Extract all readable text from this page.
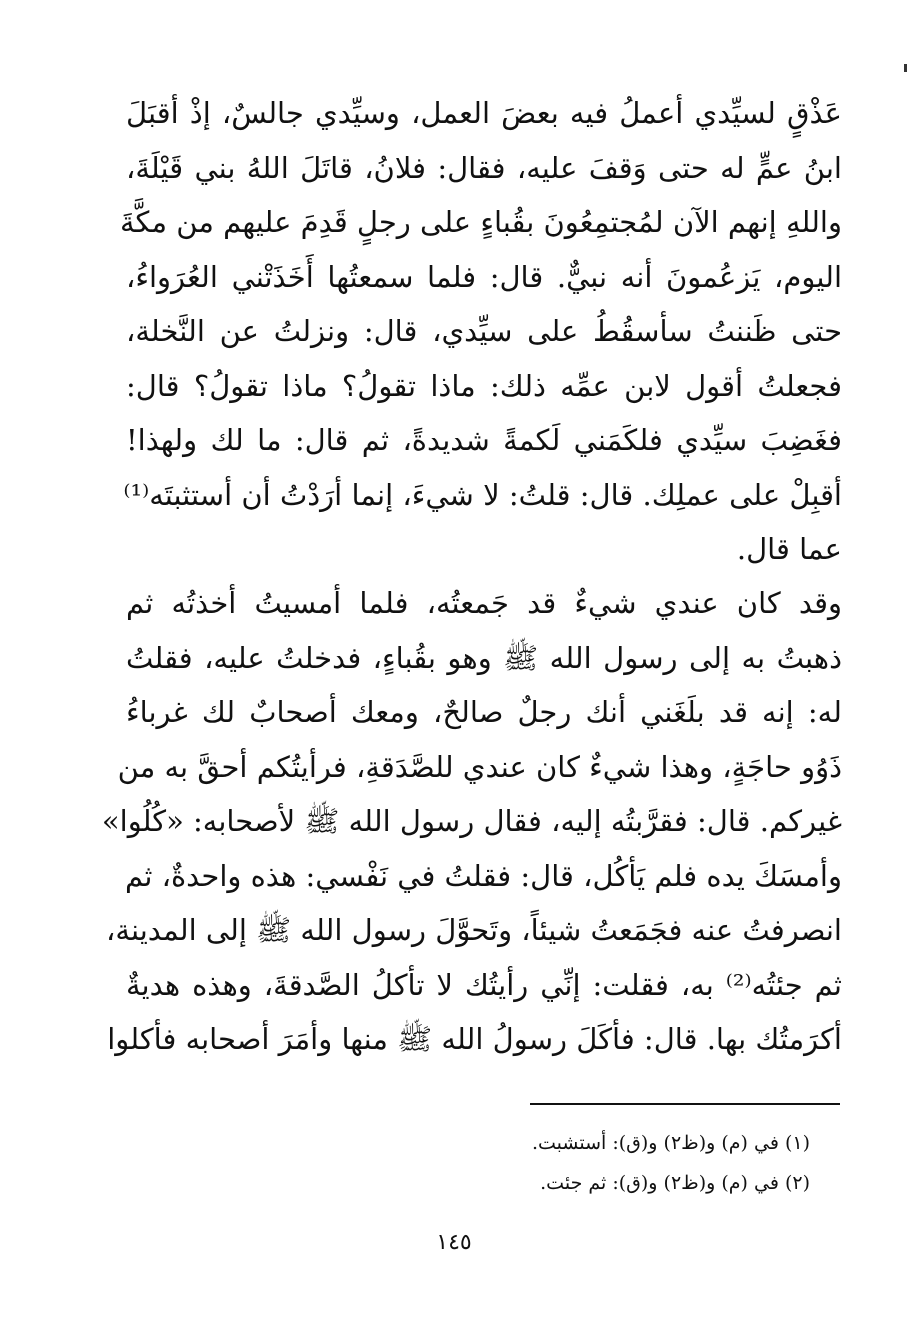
عَذْقٍ لسيِّدي أعملُ فيه بعضَ العمل، وسيِّدي جالسٌ، إذْ أقبَلَ
ابنُ عمٍّ له حتى وَقفَ عليه، فقال: فلانُ، قاتَلَ اللهُ بني قَيْلَةَ،
واللهِ إنهم الآن لمُجتمِعُونَ بقُباءٍ على رجلٍ قَدِمَ عليهم من مكَّةَ
اليوم، يَزعُمونَ أنه نبيٌّ. قال: فلما سمعتُها أَخَذَتْني العُرَواءُ،
حتى ظَننتُ سأسقُطُ على سيِّدي، قال: ونزلتُ عن النَّخلة،
فجعلتُ أقول لابن عمِّه ذلك: ماذا تقولُ؟ ماذا تقولُ؟ قال:
فغَضِبَ سيِّدي فلكَمَني لَكمةً شديدةً، ثم قال: ما لك ولهذا!
أقبِلْ على عملِك. قال: قلتُ: لا شيءَ، إنما أرَدْتُ أن أستثبتَه⁽¹⁾
عما قال.
وقد كان عندي شيءٌ قد جَمعتُه، فلما أمسيتُ أخذتُه ثم
ذهبتُ به إلى رسول الله ﷺ وهو بقُباءٍ، فدخلتُ عليه، فقلتُ
له: إنه قد بلَغَني أنك رجلٌ صالحٌ، ومعك أصحابٌ لك غرباءُ
ذَوُو حاجَةٍ، وهذا شيءٌ كان عندي للصَّدَقةِ، فرأيتُكم أحقَّ به من
غيركم. قال: فقرَّبتُه إليه، فقال رسول الله ﷺ لأصحابه: «كُلُوا»
وأمسَكَ يده فلم يَأكُل، قال: فقلتُ في نَفْسي: هذه واحدةٌ، ثم
انصرفتُ عنه فجَمَعتُ شيئاً، وتَحوَّلَ رسول الله ﷺ إلى المدينة،
ثم جئتُه⁽²⁾ به، فقلت: إنِّي رأيتُك لا تأكلُ الصَّدقةَ، وهذه هديةٌ
أكرَمتُك بها. قال: فأكَلَ رسولُ الله ﷺ منها وأمَرَ أصحابه فأكلوا
(١) في (م) و(ظ٢) و(ق): أستشبت.
(٢) في (م) و(ظ٢) و(ق): ثم جئت.
١٤٥
